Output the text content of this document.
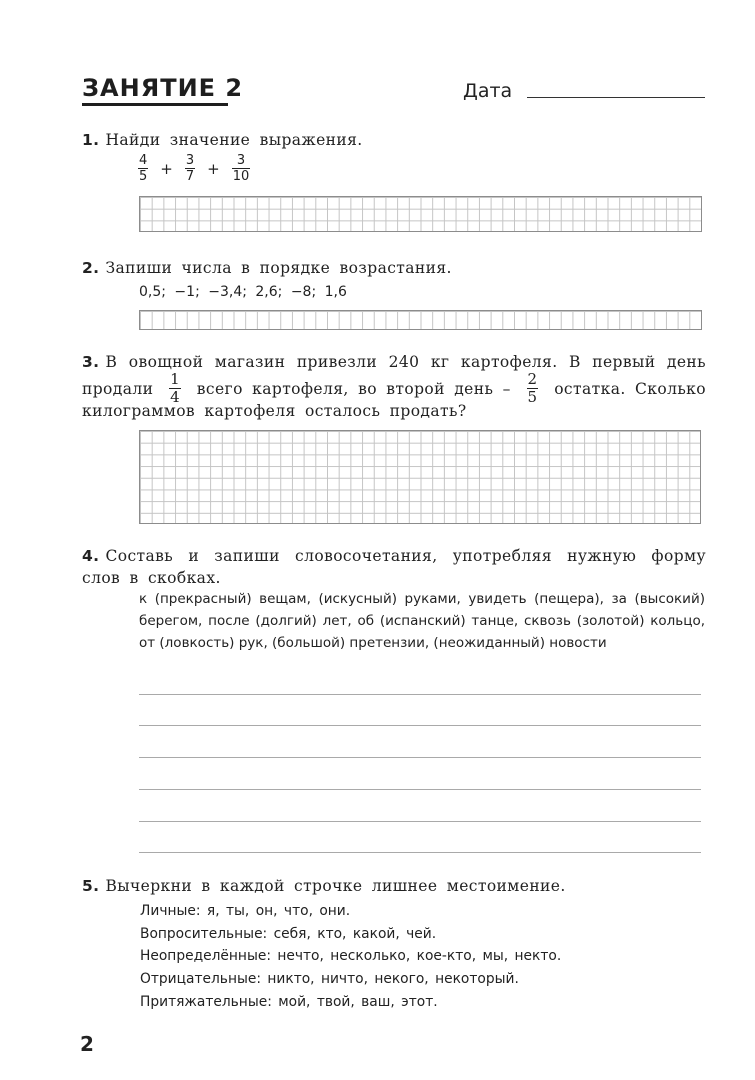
ЗАНЯТИЕ 2	Дата
1. Найди значение выражения.
$\frac{4}{5} + \frac{3}{7} + \frac{3}{10}$
2. Запиши числа в порядке возрастания.
0,5; −1; −3,4; 2,6; −8; 1,6
3. В овощной магазин привезли 240 кг картофеля. В первый день
продали $\frac{1}{4}$ всего картофеля, во второй день – $\frac{2}{5}$ остатка. Сколько
килограммов картофеля осталось продать?
4. Составь и запиши словосочетания, употребляя нужную форму
слов в скобках.
к (прекрасный) вещам, (искусный) руками, увидеть (пещера), за (высокий) берегом, после (долгий) лет, об (испанский) танце, сквозь (золотой) кольцо, от (ловкость) рук, (большой) претензии, (неожиданный) новости
5. Вычеркни в каждой строчке лишнее местоимение.
Личные: я, ты, он, что, они.
Вопросительные: себя, кто, какой, чей.
Неопределённые: нечто, несколько, кое-кто, мы, некто.
Отрицательные: никто, ничто, некого, некоторый.
Притяжательные: мой, твой, ваш, этот.
2
